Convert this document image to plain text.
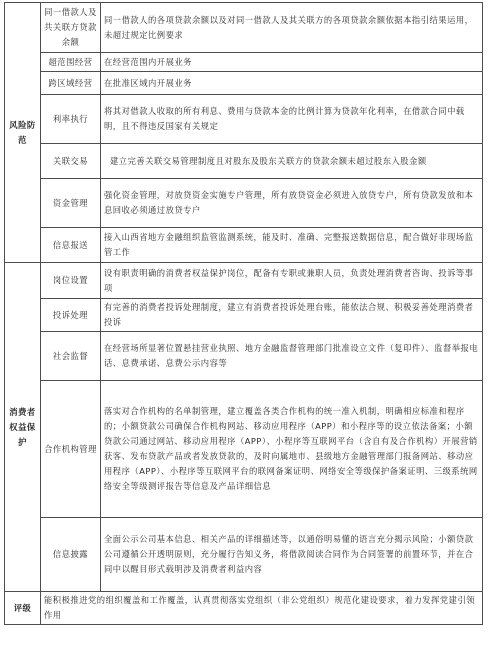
风险防范	同一借款人及共关联方贷款余额	同一借款人的各项贷款余额以及对同一借款人及其关联方的各项贷款余额依据本指引结果运用，未超过规定比例要求
	超范围经营	在经营范围内开展业务
	跨区域经营	在批准区域内开展业务
	利率执行	将其对借款人收取的所有利息、费用与贷款本金的比例计算为贷款年化利率，在借款合同中载明，且不得违反国家有关规定
	关联交易	建立完善关联交易管理制度且对股东及股东关联方的贷款余额未超过股东入股金额
	资金管理	强化资金管理，对放贷资金实施专户管理，所有放贷资金必须进入放贷专户，所有贷款发放和本息回收必须通过放贷专户
	信息报送	接入山西省地方金融组织监管监测系统，能及时、准确、完整报送数据信息，配合做好非现场监管工作
消费者权益保护	岗位设置	设有职责明确的消费者权益保护岗位，配备有专职或兼职人员，负责处理消费者咨询、投诉等事项
	投诉处理	有完善的消费者投诉处理制度，建立有消费者投诉处理台账，能依法合规、积极妥善处理消费者投诉
	社会监督	在经营场所显著位置悬挂营业执照、地方金融监督管理部门批准设立文件（复印件）、监督举报电话、息费承诺、息费公示内容等
	合作机构管理	落实对合作机构的名单制管理，建立覆盖各类合作机构的统一准入机制，明确相应标准和程序的；小额贷款公司确保合作机构网站、移动应用程序（APP）和小程序等的设立依法备案；小额贷款公司通过网站、移动应用程序（APP）、小程序等互联网平台（含自有及合作机构）开展营销获客、发布贷款产品或者发放贷款的，及时向属地市、县级地方金融管理部门报备网站、移动应用程序（APP）、小程序等互联网平台的联网备案证明、网络安全等级保护备案证明、三级系统网络安全等级测评报告等信息及产品详细信息
	信息披露	全面公示公司基本信息、相关产品的详细描述等，以通俗明易懂的语言充分揭示风险；小额贷款公司遵循公开透明原则，充分履行告知义务，将借款阅读合同作为合同签署的前置环节，并在合同中以醒目形式载明涉及消费者利益内容
评级	能积极推进党的组织覆盖和工作覆盖，认真贯彻落实党组织（非公党组织）规范化建设要求，着力发挥党建引领作用	
